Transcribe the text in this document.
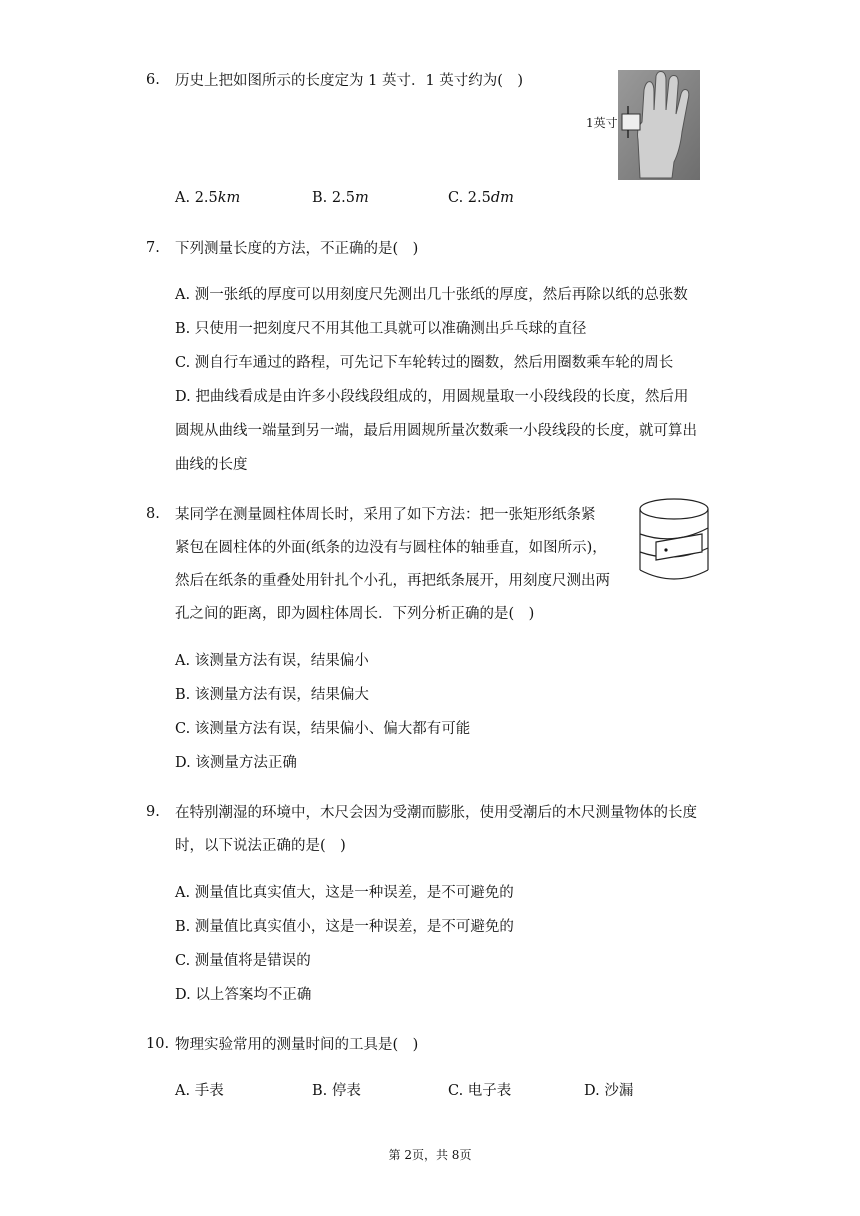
6. 历史上把如图所示的长度定为 1 英寸．1 英寸约为(　)
1英寸
A. 2.5km	B. 2.5m	C. 2.5dm
7. 下列测量长度的方法，不正确的是(　)
A. 测一张纸的厚度可以用刻度尺先测出几十张纸的厚度，然后再除以纸的总张数
B. 只使用一把刻度尺不用其他工具就可以准确测出乒乓球的直径
C. 测自行车通过的路程，可先记下车轮转过的圈数，然后用圈数乘车轮的周长
D. 把曲线看成是由许多小段线段组成的，用圆规量取一小段线段的长度，然后用
圆规从曲线一端量到另一端，最后用圆规所量次数乘一小段线段的长度，就可算出
曲线的长度
8. 某同学在测量圆柱体周长时，采用了如下方法：把一张矩形纸条紧
紧包在圆柱体的外面(纸条的边没有与圆柱体的轴垂直，如图所示)，
然后在纸条的重叠处用针扎个小孔，再把纸条展开，用刻度尺测出两
孔之间的距离，即为圆柱体周长．下列分析正确的是(　)
A. 该测量方法有误，结果偏小
B. 该测量方法有误，结果偏大
C. 该测量方法有误，结果偏小、偏大都有可能
D. 该测量方法正确
9. 在特别潮湿的环境中，木尺会因为受潮而膨胀，使用受潮后的木尺测量物体的长度
时，以下说法正确的是(　)
A. 测量值比真实值大，这是一种误差，是不可避免的
B. 测量值比真实值小，这是一种误差，是不可避免的
C. 测量值将是错误的
D. 以上答案均不正确
10. 物理实验常用的测量时间的工具是(　)
A. 手表	B. 停表	C. 电子表	D. 沙漏
第 2页，共 8页
